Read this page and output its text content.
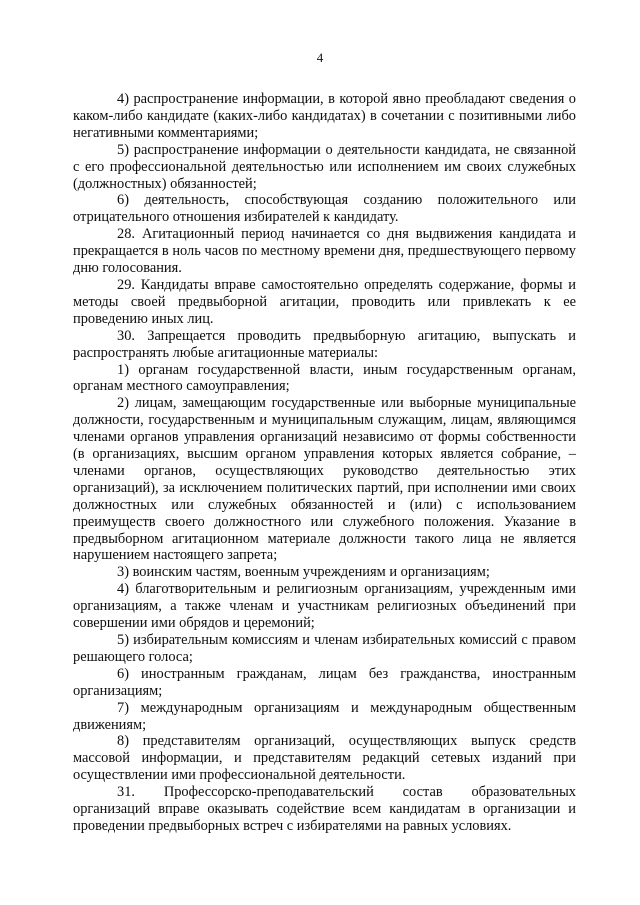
4

4) распространение информации, в которой явно преобладают сведения о каком-либо кандидате (каких-либо кандидатах) в сочетании с позитивными либо негативными комментариями;

5) распространение информации о деятельности кандидата, не связанной с его профессиональной деятельностью или исполнением им своих служебных (должностных) обязанностей;

6) деятельность, способствующая созданию положительного или отрицательного отношения избирателей к кандидату.

28. Агитационный период начинается со дня выдвижения кандидата и прекращается в ноль часов по местному времени дня, предшествующего первому дню голосования.

29. Кандидаты вправе самостоятельно определять содержание, формы и методы своей предвыборной агитации, проводить или привлекать к ее проведению иных лиц.

30. Запрещается проводить предвыборную агитацию, выпускать и распространять любые агитационные материалы:

1) органам государственной власти, иным государственным органам, органам местного самоуправления;

2) лицам, замещающим государственные или выборные муниципальные должности, государственным и муниципальным служащим, лицам, являющимся членами органов управления организаций независимо от формы собственности (в организациях, высшим органом управления которых является собрание, – членами органов, осуществляющих руководство деятельностью этих организаций), за исключением политических партий, при исполнении ими своих должностных или служебных обязанностей и (или) с использованием преимуществ своего должностного или служебного положения. Указание в предвыборном агитационном материале должности такого лица не является нарушением настоящего запрета;

3) воинским частям, военным учреждениям и организациям;

4) благотворительным и религиозным организациям, учрежденным ими организациям, а также членам и участникам религиозных объединений при совершении ими обрядов и церемоний;

5) избирательным комиссиям и членам избирательных комиссий с правом решающего голоса;

6) иностранным гражданам, лицам без гражданства, иностранным организациям;

7) международным организациям и международным общественным движениям;

8) представителям организаций, осуществляющих выпуск средств массовой информации, и представителям редакций сетевых изданий при осуществлении ими профессиональной деятельности.

31. Профессорско-преподавательский состав образовательных организаций вправе оказывать содействие всем кандидатам в организации и проведении предвыборных встреч с избирателями на равных условиях.
